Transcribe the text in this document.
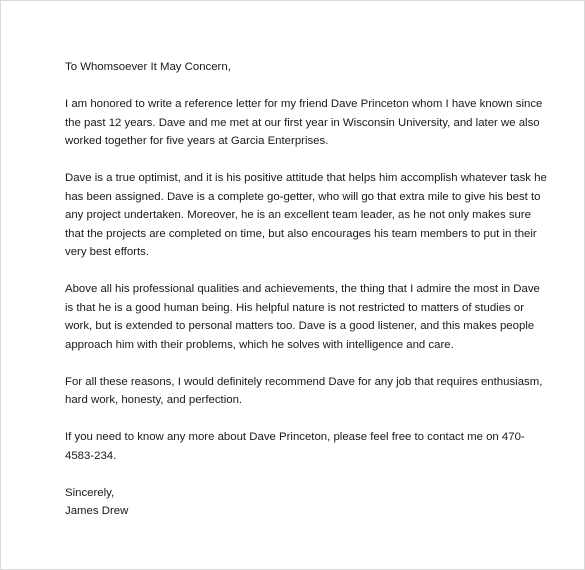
To Whomsoever It May Concern,

I am honored to write a reference letter for my friend Dave Princeton whom I have known since
the past 12 years. Dave and me met at our first year in Wisconsin University, and later we also
worked together for five years at Garcia Enterprises.

Dave is a true optimist, and it is his positive attitude that helps him accomplish whatever task he
has been assigned. Dave is a complete go-getter, who will go that extra mile to give his best to
any project undertaken. Moreover, he is an excellent team leader, as he not only makes sure
that the projects are completed on time, but also encourages his team members to put in their
very best efforts.

Above all his professional qualities and achievements, the thing that I admire the most in Dave
is that he is a good human being. His helpful nature is not restricted to matters of studies or
work, but is extended to personal matters too. Dave is a good listener, and this makes people
approach him with their problems, which he solves with intelligence and care.

For all these reasons, I would definitely recommend Dave for any job that requires enthusiasm,
hard work, honesty, and perfection.

If you need to know any more about Dave Princeton, please feel free to contact me on 470-
4583-234.

Sincerely,
James Drew
